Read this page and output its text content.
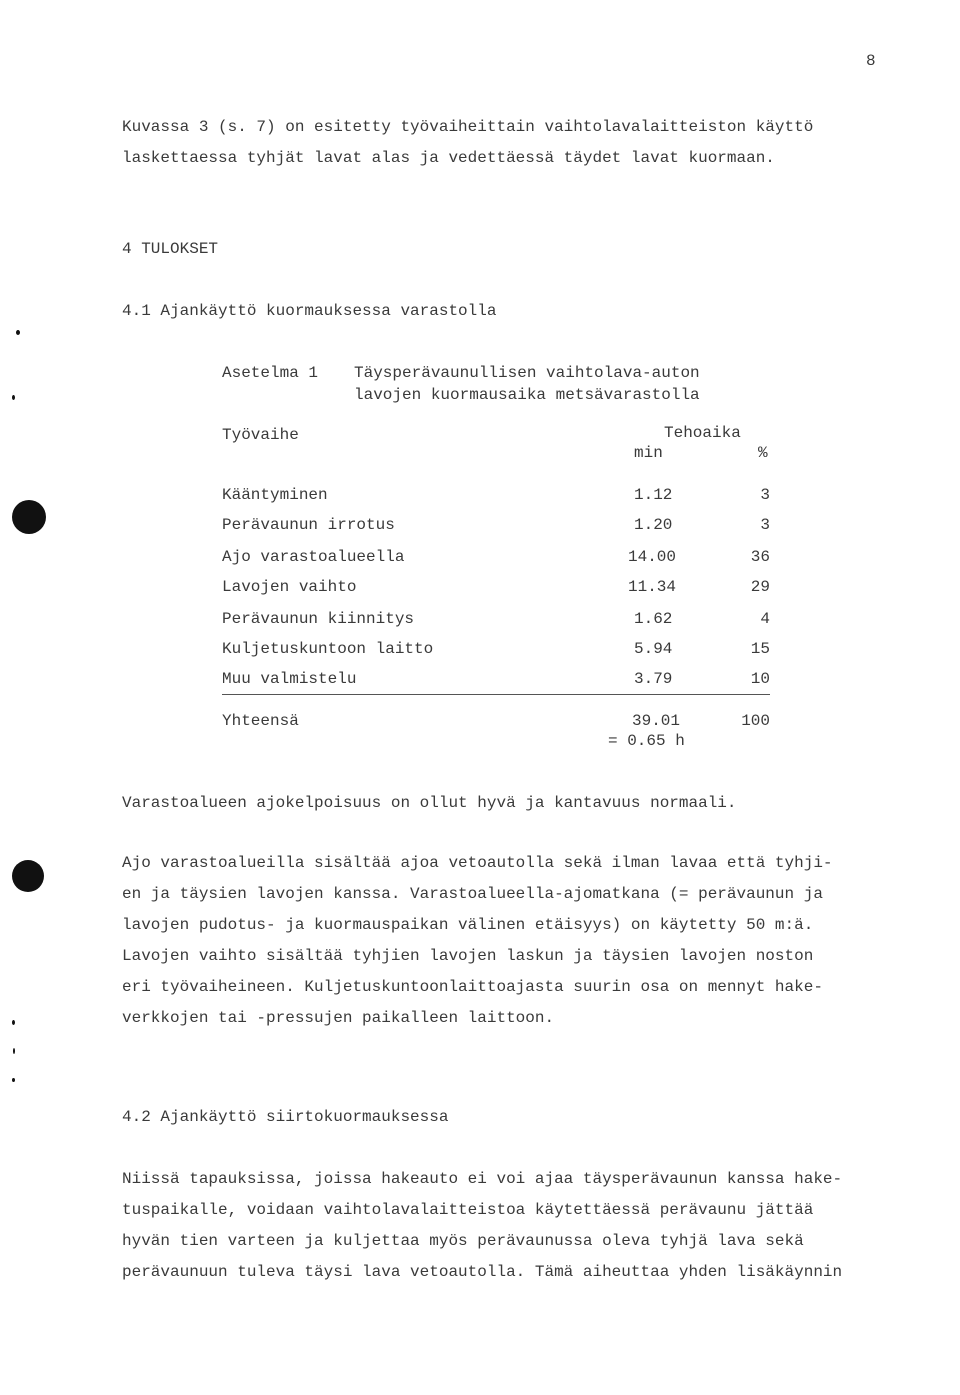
8
Kuvassa 3 (s. 7) on esitetty työvaiheittain vaihtolavalaitteiston käyttö
laskettaessa tyhjät lavat alas ja vedettäessä täydet lavat kuormaan.
4 TULOKSET
4.1 Ajankäyttö kuormauksessa varastolla
Asetelma 1 Täysperävaunullisen vaihtolava-auton
lavojen kuormausaika metsävarastolla
Työvaihe	Tehoaika
min	%
Kääntyminen	1.12	3
Perävaunun irrotus	1.20	3
Ajo varastoalueella	14.00	36
Lavojen vaihto	11.34	29
Perävaunun kiinnitys	1.62	4
Kuljetuskuntoon laitto	5.94	15
Muu valmistelu	3.79	10
Yhteensä	39.01	100
= 0.65 h
Varastoalueen ajokelpoisuus on ollut hyvä ja kantavuus normaali.
Ajo varastoalueilla sisältää ajoa vetoautolla sekä ilman lavaa että tyhji-
en ja täysien lavojen kanssa. Varastoalueella-ajomatkana (= perävaunun ja
lavojen pudotus- ja kuormauspaikan välinen etäisyys) on käytetty 50 m:ä.
Lavojen vaihto sisältää tyhjien lavojen laskun ja täysien lavojen noston
eri työvaiheineen. Kuljetuskuntoonlaittoajasta suurin osa on mennyt hake-
verkkojen tai -pressujen paikalleen laittoon.
4.2 Ajankäyttö siirtokuormauksessa
Niissä tapauksissa, joissa hakeauto ei voi ajaa täysperävaunun kanssa hake-
tuspaikalle, voidaan vaihtolavalaitteistoa käytettäessä perävaunu jättää
hyvän tien varteen ja kuljettaa myös perävaunussa oleva tyhjä lava sekä
perävaunuun tuleva täysi lava vetoautolla. Tämä aiheuttaa yhden lisäkäynnin
